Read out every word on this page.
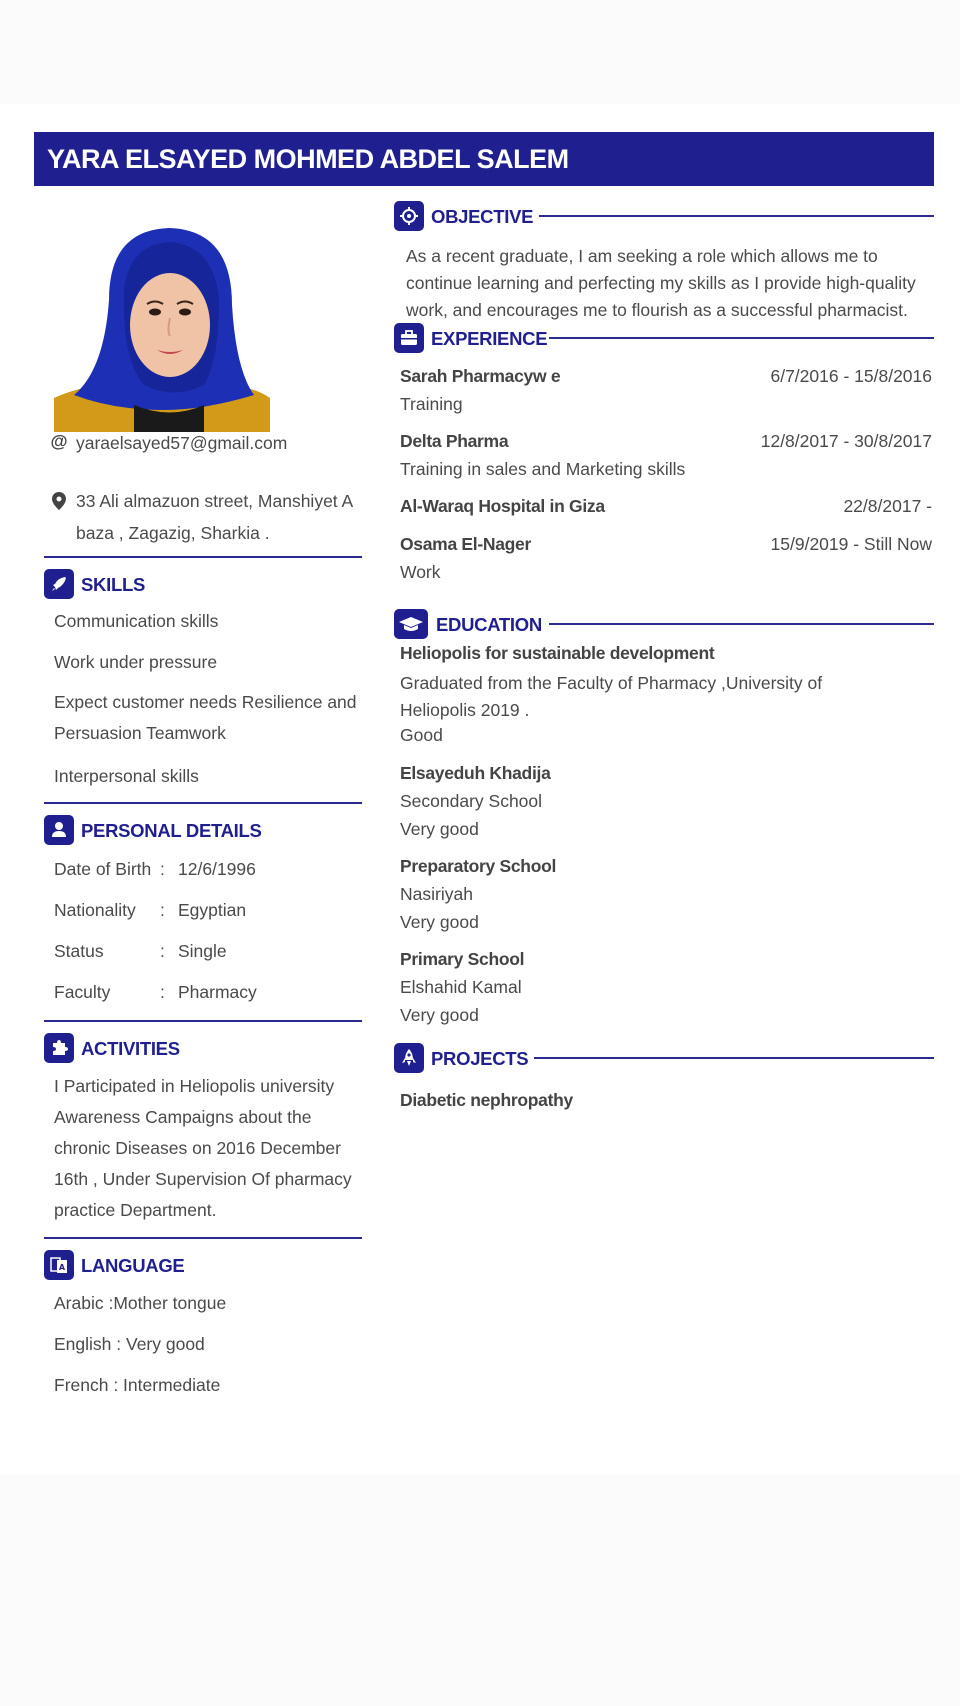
YARA ELSAYED MOHMED ABDEL SALEM
@ yaraelsayed57@gmail.com
33 Ali almazuon street, Manshiyet A baza , Zagazig, Sharkia .
SKILLS
Communication skills
Work under pressure
Expect customer needs Resilience and Persuasion Teamwork
Interpersonal skills
PERSONAL DETAILS
Date of Birth : 12/6/1996
Nationality : Egyptian
Status	: Single
Faculty	: Pharmacy
ACTIVITIES
I Participated in Heliopolis university Awareness Campaigns about the chronic Diseases on 2016 December 16th , Under Supervision Of pharmacy practice Department.
A LANGUAGE
Arabic :Mother tongue
English : Very good
French : Intermediate
OBJECTIVE
As a recent graduate, I am seeking a role which allows me to continue learning and perfecting my skills as I provide high-quality work, and encourages me to flourish as a successful pharmacist.
EXPERIENCE
Sarah Pharmacyw e	6/7/2016 - 15/8/2016
Training
Delta Pharma	12/8/2017 - 30/8/2017
Training in sales and Marketing skills
Al-Waraq Hospital in Giza	22/8/2017 -
Osama El-Nager	15/9/2019 - Still Now
Work
EDUCATION
Heliopolis for sustainable development
Graduated from the Faculty of Pharmacy ,University of Heliopolis 2019 .
Good
Elsayeduh Khadija
Secondary School
Very good
Preparatory School
Nasiriyah
Very good
Primary School
Elshahid Kamal
Very good
PROJECTS
Diabetic nephropathy
